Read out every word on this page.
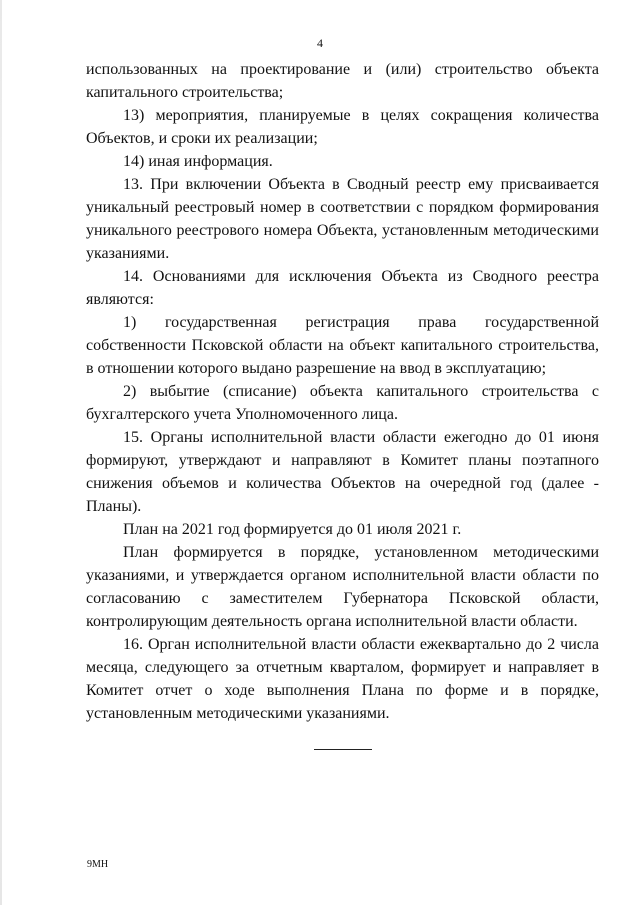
4

использованных на проектирование и (или) строительство объекта капитального строительства;

13) мероприятия, планируемые в целях сокращения количества Объектов, и сроки их реализации;

14) иная информация.

13. При включении Объекта в Сводный реестр ему присваивается уникальный реестровый номер в соответствии с порядком формирования уникального реестрового номера Объекта, установленным методическими указаниями.

14. Основаниями для исключения Объекта из Сводного реестра являются:

1) государственная регистрация права государственной собственности Псковской области на объект капитального строительства, в отношении которого выдано разрешение на ввод в эксплуатацию;

2) выбытие (списание) объекта капитального строительства с бухгалтерского учета Уполномоченного лица.

15. Органы исполнительной власти области ежегодно до 01 июня формируют, утверждают и направляют в Комитет планы поэтапного снижения объемов и количества Объектов на очередной год (далее - Планы).

План на 2021 год формируется до 01 июля 2021 г.

План формируется в порядке, установленном методическими указаниями, и утверждается органом исполнительной власти области по согласованию с заместителем Губернатора Псковской области, контролирующим деятельность органа исполнительной власти области.

16. Орган исполнительной власти области ежеквартально до 2 числа месяца, следующего за отчетным кварталом, формирует и направляет в Комитет отчет о ходе выполнения Плана по форме и в порядке, установленным методическими указаниями.

9МН
